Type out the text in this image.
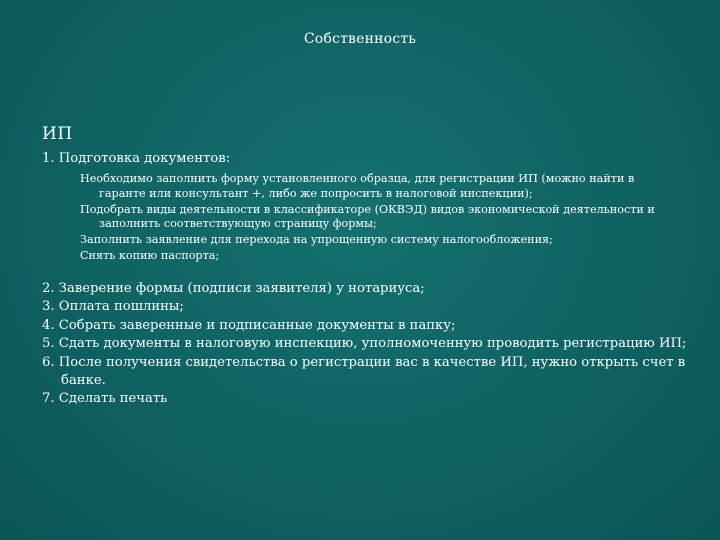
Собственность
ИП
1. Подготовка документов:
Необходимо заполнить форму установленного образца, для регистрации ИП (можно найти в гаранте или консультант +, либо же попросить в налоговой инспекции);
Подобрать виды деятельности в классификаторе (ОКВЭД) видов экономической деятельности и заполнить соответствующую страницу формы;
Заполнить заявление для перехода на упрощенную систему налогообложения;
Снять копию паспорта;
2. Заверение формы (подписи заявителя) у нотариуса;
3. Оплата пошлины;
4. Собрать заверенные и подписанные документы в папку;
5. Сдать документы в налоговую инспекцию, уполномоченную проводить регистрацию ИП;
6. После получения свидетельства о регистрации вас в качестве ИП, нужно открыть счет в банке.
7. Сделать печать
